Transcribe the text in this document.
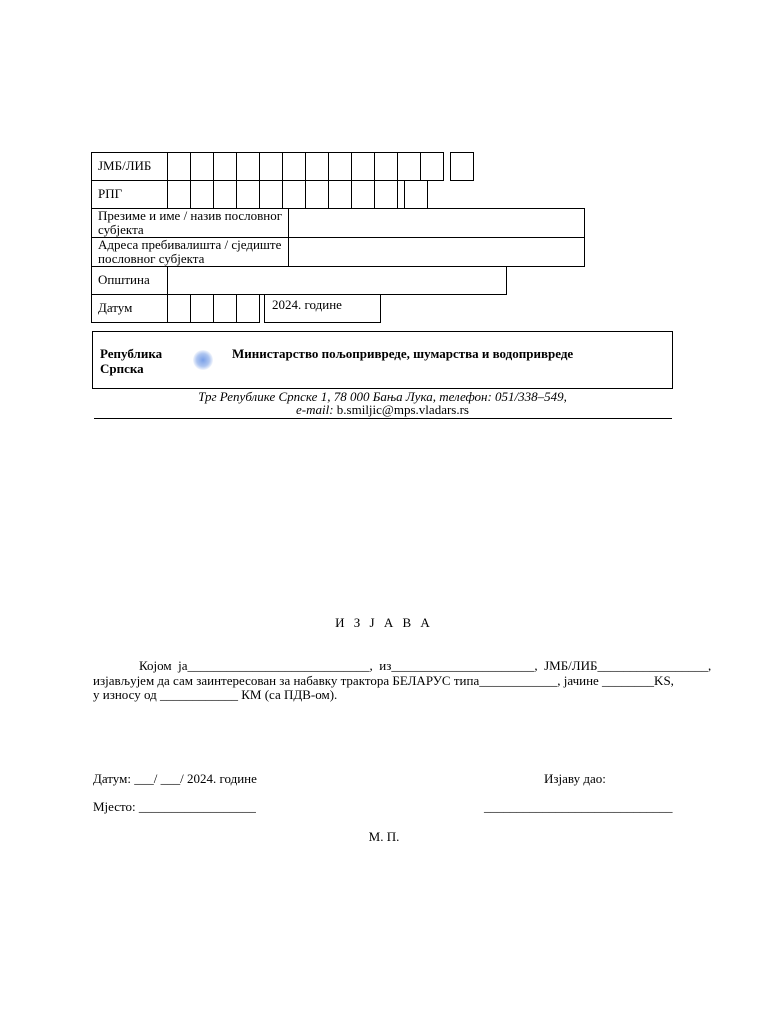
ЈМБ/ЛИБ
РПГ
Презиме и име / назив пословног
субјекта
Адреса пребивалишта / сједиште
пословног субјекта
Општина
Датум	2024. године
Република
Српска
Министарство пољопривреде, шумарства и водопривреде
Трг Републике Српске 1, 78 000 Бања Лука, телефон: 051/338–549,
e-mail: b.smiljic@mps.vladars.rs
И З Ј А В А
Којом  ја____________________________,  из______________________,  ЈМБ/ЛИБ_________________,
изјављујем да сам заинтересован за набавку трактора БЕЛАРУС типа____________, јачине ________KS,
у износу од ____________ КМ (са ПДВ-ом).
Датум: ___/ ___/ 2024. године	Изјаву дао:
Мјесто: __________________	_____________________________
М. П.
